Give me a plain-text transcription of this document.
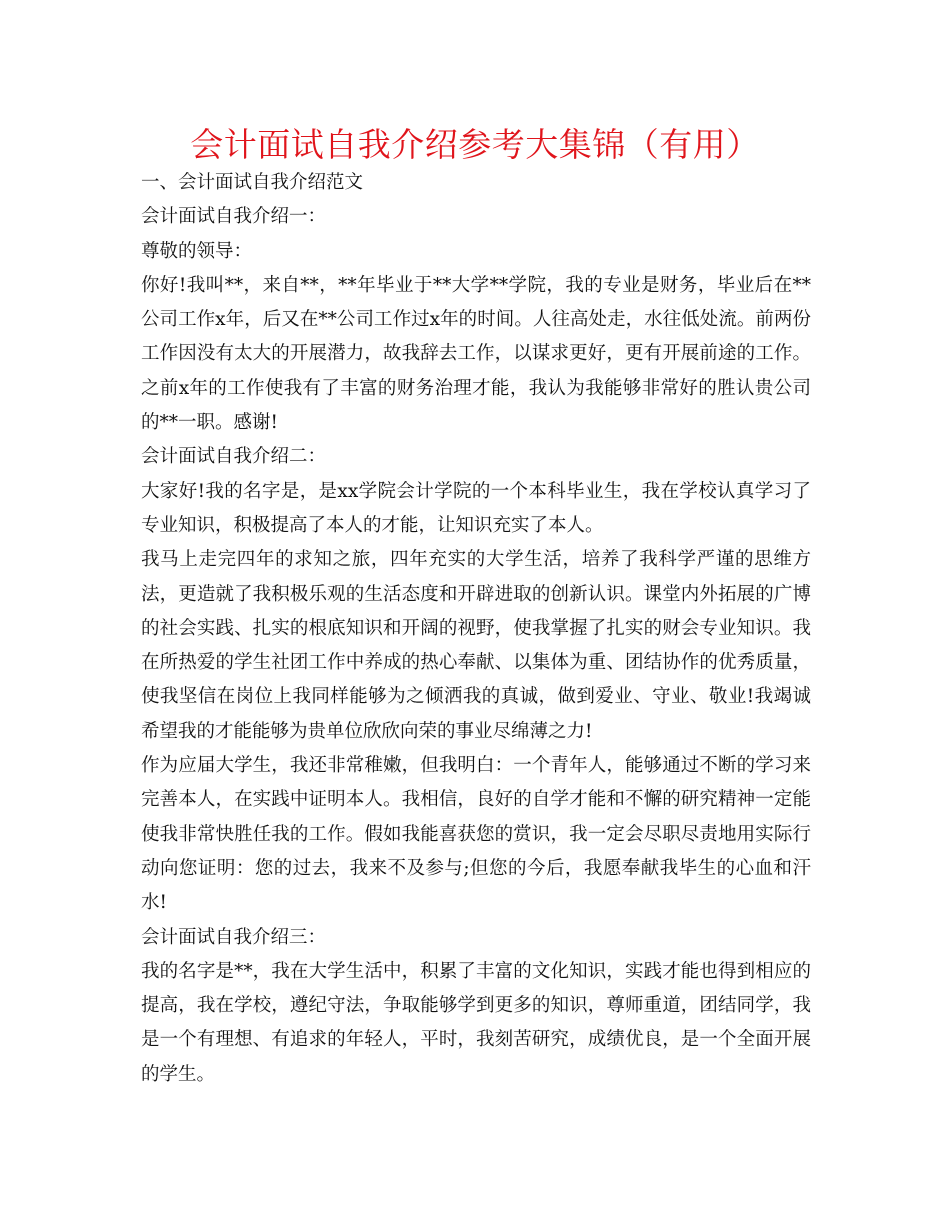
会计面试自我介绍参考大集锦（有用）

一、会计面试自我介绍范文

会计面试自我介绍一：

尊敬的领导：

你好!我叫**，来自**，**年毕业于**大学**学院，我的专业是财务，毕业后在**公司工作x年，后又在**公司工作过x年的时间。人往高处走，水往低处流。前两份工作因没有太大的开展潜力，故我辞去工作，以谋求更好，更有开展前途的工作。之前x年的工作使我有了丰富的财务治理才能，我认为我能够非常好的胜认贵公司的**一职。感谢!

会计面试自我介绍二：

大家好!我的名字是，是xx学院会计学院的一个本科毕业生，我在学校认真学习了专业知识，积极提高了本人的才能，让知识充实了本人。

我马上走完四年的求知之旅，四年充实的大学生活，培养了我科学严谨的思维方法，更造就了我积极乐观的生活态度和开辟进取的创新认识。课堂内外拓展的广博的社会实践、扎实的根底知识和开阔的视野，使我掌握了扎实的财会专业知识。我在所热爱的学生社团工作中养成的热心奉献、以集体为重、团结协作的优秀质量，使我坚信在岗位上我同样能够为之倾洒我的真诚，做到爱业、守业、敬业!我竭诚希望我的才能能够为贵单位欣欣向荣的事业尽绵薄之力!

作为应届大学生，我还非常稚嫩，但我明白：一个青年人，能够通过不断的学习来完善本人，在实践中证明本人。我相信，良好的自学才能和不懈的研究精神一定能使我非常快胜任我的工作。假如我能喜获您的赏识，我一定会尽职尽责地用实际行动向您证明：您的过去，我来不及参与;但您的今后，我愿奉献我毕生的心血和汗水!

会计面试自我介绍三：

我的名字是**，我在大学生活中，积累了丰富的文化知识，实践才能也得到相应的提高，我在学校，遵纪守法，争取能够学到更多的知识，尊师重道，团结同学，我是一个有理想、有追求的年轻人，平时，我刻苦研究，成绩优良，是一个全面开展的学生。
